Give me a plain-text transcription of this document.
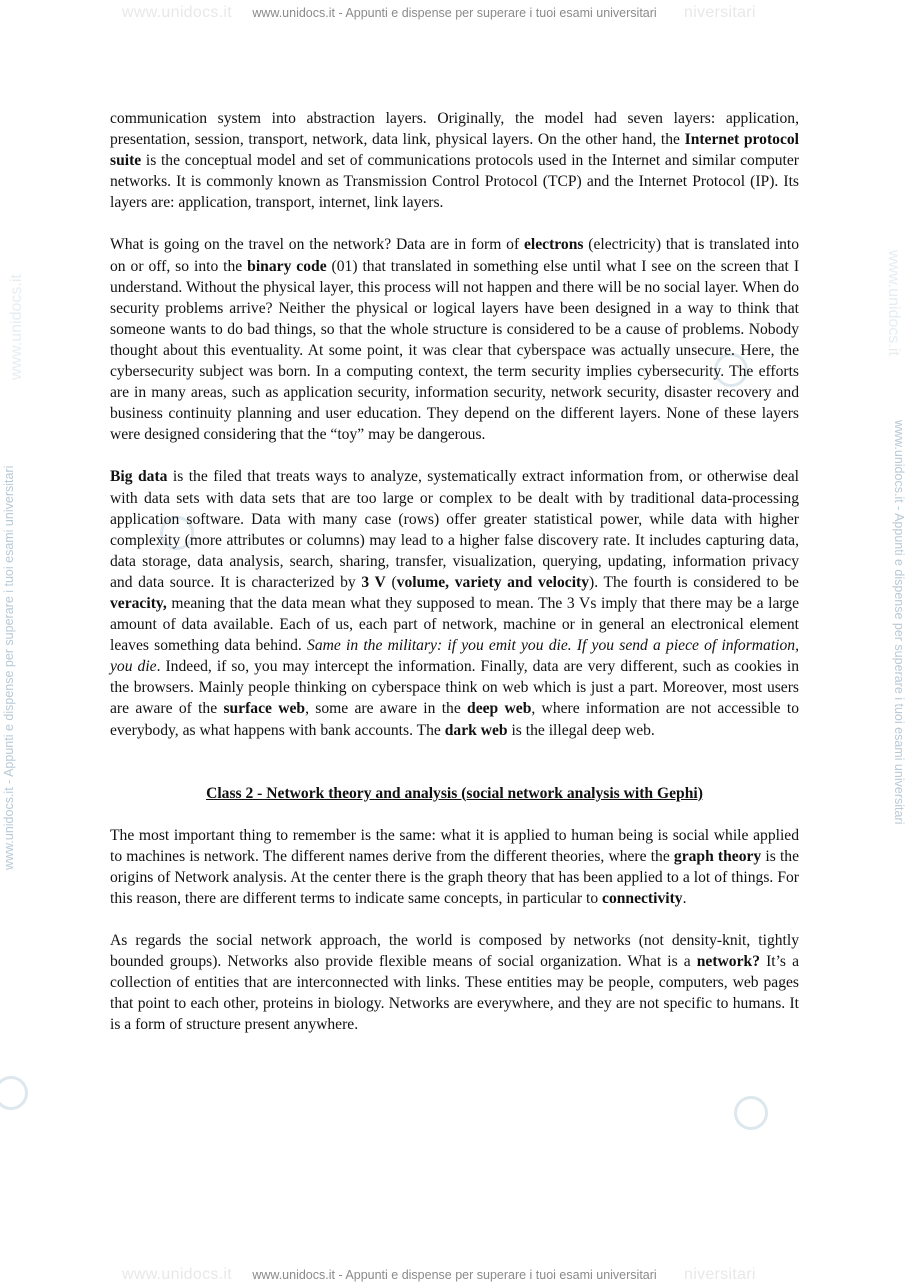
www.unidocs.it	niversitari
www.unidocs.it - Appunti e dispense per superare i tuoi esami universitari
www.unidocs.it - Appunti e dispense per superare i tuoi esami universitari	www.unidocs.it - Appunti e dispense per superare i tuoi esami universitari
www.unidocs.it	www.unidocs.it

communication system into abstraction layers. Originally, the model had seven layers: application, presentation, session, transport, network, data link, physical layers. On the other hand, the Internet protocol suite is the conceptual model and set of communications protocols used in the Internet and similar computer networks. It is commonly known as Transmission Control Protocol (TCP) and the Internet Protocol (IP). Its layers are: application, transport, internet, link layers.

What is going on the travel on the network? Data are in form of electrons (electricity) that is translated into on or off, so into the binary code (01) that translated in something else until what I see on the screen that I understand. Without the physical layer, this process will not happen and there will be no social layer. When do security problems arrive? Neither the physical or logical layers have been designed in a way to think that someone wants to do bad things, so that the whole structure is considered to be a cause of problems. Nobody thought about this eventuality. At some point, it was clear that cyberspace was actually unsecure. Here, the cybersecurity subject was born. In a computing context, the term security implies cybersecurity. The efforts are in many areas, such as application security, information security, network security, disaster recovery and business continuity planning and user education. They depend on the different layers. None of these layers were designed considering that the “toy” may be dangerous.

Big data is the filed that treats ways to analyze, systematically extract information from, or otherwise deal with data sets with data sets that are too large or complex to be dealt with by traditional data-processing application software. Data with many case (rows) offer greater statistical power, while data with higher complexity (more attributes or columns) may lead to a higher false discovery rate. It includes capturing data, data storage, data analysis, search, sharing, transfer, visualization, querying, updating, information privacy and data source. It is characterized by 3 V (volume, variety and velocity). The fourth is considered to be veracity, meaning that the data mean what they supposed to mean. The 3 Vs imply that there may be a large amount of data available. Each of us, each part of network, machine or in general an electronical element leaves something data behind. Same in the military: if you emit you die. If you send a piece of information, you die. Indeed, if so, you may intercept the information. Finally, data are very different, such as cookies in the browsers. Mainly people thinking on cyberspace think on web which is just a part. Moreover, most users are aware of the surface web, some are aware in the deep web, where information are not accessible to everybody, as what happens with bank accounts. The dark web is the illegal deep web.

Class 2 - Network theory and analysis (social network analysis with Gephi)

The most important thing to remember is the same: what it is applied to human being is social while applied to machines is network. The different names derive from the different theories, where the graph theory is the origins of Network analysis. At the center there is the graph theory that has been applied to a lot of things. For this reason, there are different terms to indicate same concepts, in particular to connectivity.

As regards the social network approach, the world is composed by networks (not density-knit, tightly bounded groups). Networks also provide flexible means of social organization. What is a network? It’s a collection of entities that are interconnected with links. These entities may be people, computers, web pages that point to each other, proteins in biology. Networks are everywhere, and they are not specific to humans. It is a form of structure present anywhere.

www.unidocs.it	niversitari
www.unidocs.it - Appunti e dispense per superare i tuoi esami universitari
